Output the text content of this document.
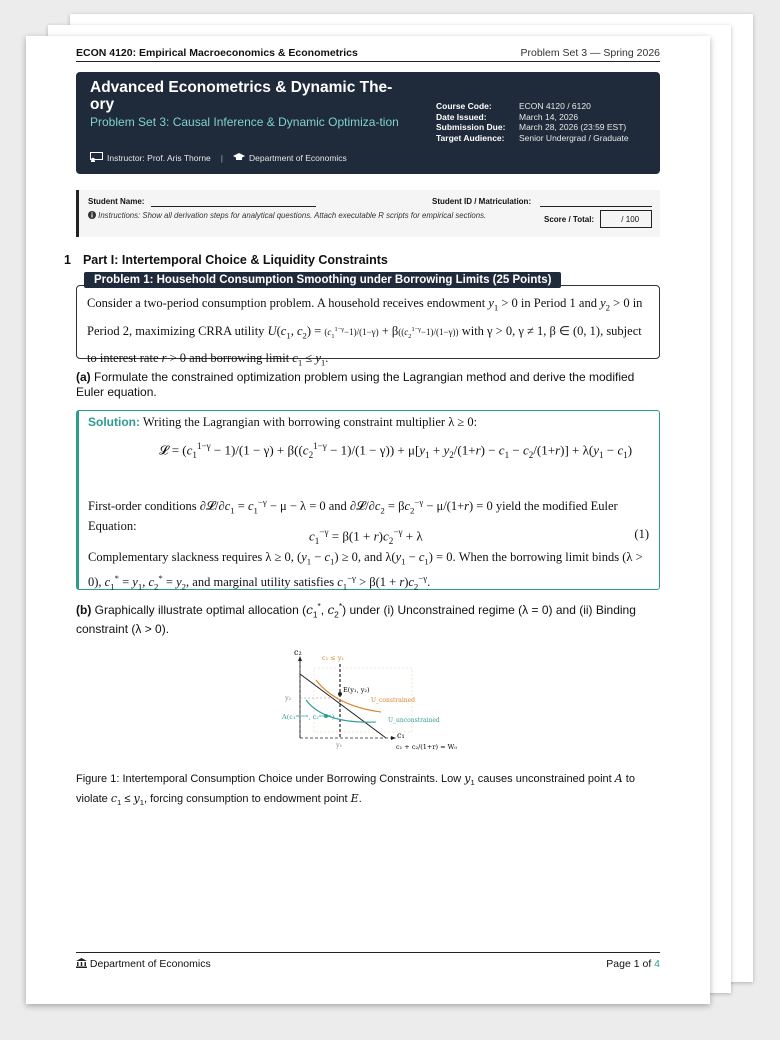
ECON 4120: Empirical Macroeconomics & Econometrics	Problem Set 3 — Spring 2026
Advanced Econometrics & Dynamic The-ory
Problem Set 3: Causal Inference & Dynamic Optimiza-tion
Instructor: Prof. Aris Thorne |	Department of Economics
Course Code:	ECON 4120 / 6120
Date Issued:	March 14, 2026
Submission Due:	March 28, 2026 (23:59 EST)
Target Audience:	Senior Undergrad / Graduate
Student Name:	Student ID / Matriculation:
Instructions: Show all derivation steps for analytical questions. Attach executable R scripts for empirical sections.	Score / Total:	/ 100
1 Part I: Intertemporal Choice & Liquidity Constraints
Consider a two-period consumption problem. A household receives endowment $y_1 > 0$ in Period 1 and $y_2 > 0$ in Period 2, maximizing CRRA utility $U(c_1$, $c_2) = (c_1^{1-\gamma}-1)/(1-\gamma) + \beta((c_2^{1-\gamma}-1)/(1-\gamma))$ with γ > 0, γ ≠ 1, β ∈ (0, 1), subject to interest rate r > 0 and borrowing limit $c_1 \le y_1$.
Problem 1: Household Consumption Smoothing under Borrowing Limits (25 Points)
(a) Formulate the constrained optimization problem using the Lagrangian method and derive the modified Euler equation.
Solution: Writing the Lagrangian with borrowing constraint multiplier λ ≥ 0:
𝓛 = $(c_1^{1-\gamma} - 1)/(1 - \gamma) + \beta((c_2^{1-\gamma} - 1)/(1 - \gamma)) + \mu[y_1 + y_2/(1+r) - c_1 - c_2/(1+r)] + \lambda(y_1 - c_1)$
First-order conditions $\partial 𝓛/\partial c_1 = c_1^{-\gamma} - \mu - \lambda = 0$ and $\partial 𝓛/\partial c_2 = \beta c_2^{-\gamma} - \mu/(1+r) = 0$ yield the modified Euler Equation:
$c_1^{-\gamma} = \beta(1 + r)c_2^{-\gamma} + \lambda$	(1)
Complementary slackness requires λ ≥ 0, $(y_1 - c_1) \ge 0$, and $\lambda(y_1 - c_1) = 0$. When the borrowing limit binds (λ > 0), $c_1^* = y_1$, $c_2^* = y_2$, and marginal utility satisfies $c_1^{-\gamma} > \beta(1 + r)c_2^{-\gamma}$.
(b) Graphically illustrate optimal allocation ($c_1^*$, $c_2^*$) under (i) Unconstrained regime (λ = 0) and (ii) Binding constraint (λ > 0).
c₂
c₁ ≤ y₁
y₂
E(y₁, y₂)
A(c₁ᵘⁿᶜᵒⁿ, c₂ᵘⁿᶜᵒⁿ)
U_constrained
U_unconstrained
c₁
y₁	c₁ + c₂/(1+r) = W₀
Figure 1: Intertemporal Consumption Choice under Borrowing Constraints. Low $y_1$ causes unconstrained point A to violate $c_1 \le y_1$, forcing consumption to endowment point E.
Department of Economics	Page 1 of 4
